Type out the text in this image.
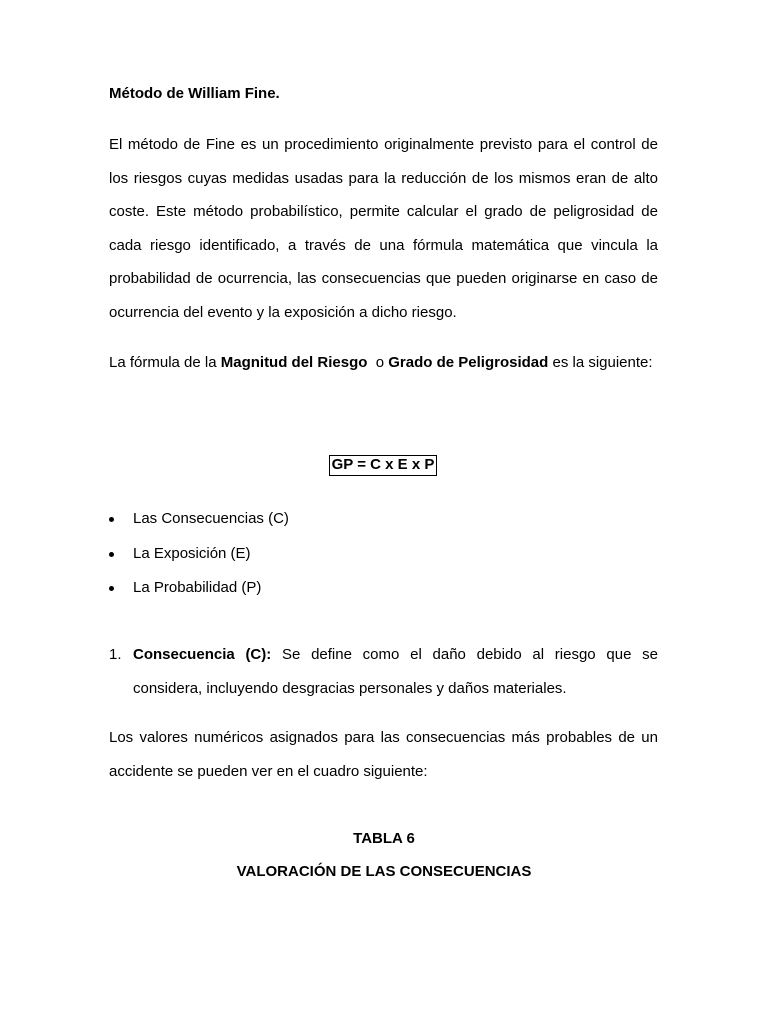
Método de William Fine.

El método de Fine es un procedimiento originalmente previsto para el control de los riesgos cuyas medidas usadas para la reducción de los mismos eran de alto coste. Este método probabilístico, permite calcular el grado de peligrosidad de cada riesgo identificado, a través de una fórmula matemática que vincula la probabilidad de ocurrencia, las consecuencias que pueden originarse en caso de ocurrencia del evento y la exposición a dicho riesgo.

La fórmula de la Magnitud del Riesgo  o Grado de Peligrosidad es la siguiente:

GP = C x E x P
Las Consecuencias (C)
La Exposición (E)
La Probabilidad (P)
1. Consecuencia (C): Se define como el daño debido al riesgo que se considera, incluyendo desgracias personales y daños materiales.

Los valores numéricos asignados para las consecuencias más probables de un accidente se pueden ver en el cuadro siguiente:

TABLA 6

VALORACIÓN DE LAS CONSECUENCIAS
